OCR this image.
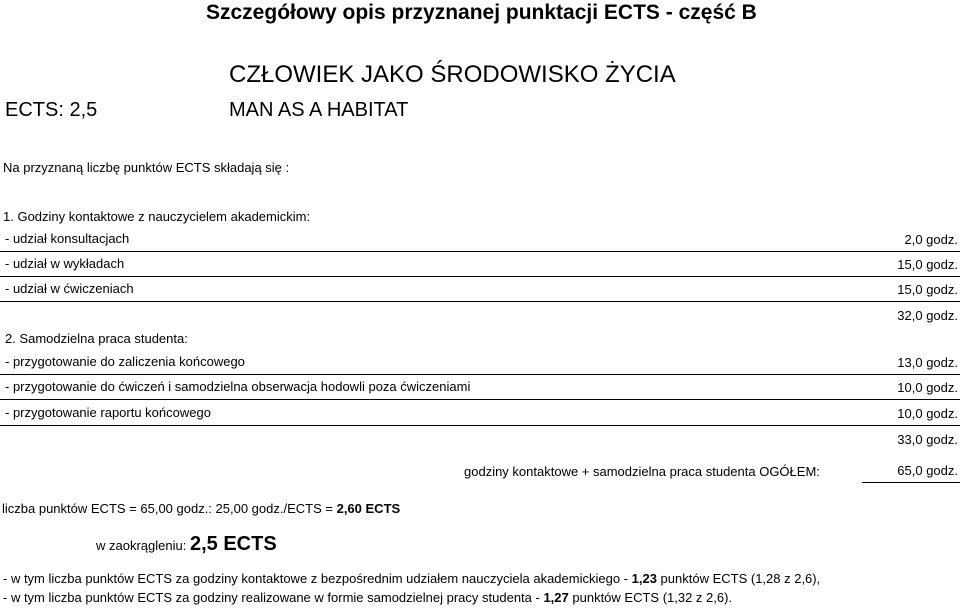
Szczegółowy opis przyznanej punktacji ECTS - część B
CZŁOWIEK JAKO ŚRODOWISKO ŻYCIA
ECTS: 2,5	MAN AS A HABITAT
Na przyznaną liczbę punktów ECTS składają się :
1. Godziny kontaktowe z nauczycielem akademickim:
- udział konsultacjach	2,0 godz.
- udział w wykładach	15,0 godz.
- udział w ćwiczeniach	15,0 godz.
32,0 godz.
2. Samodzielna praca studenta:
- przygotowanie do zaliczenia końcowego	13,0 godz.
- przygotowanie do ćwiczeń i samodzielna obserwacja hodowli poza ćwiczeniami	10,0 godz.
- przygotowanie raportu końcowego	10,0 godz.
33,0 godz.
godziny kontaktowe + samodzielna praca studenta OGÓŁEM:	65,0 godz.
liczba punktów ECTS = 65,00 godz.: 25,00 godz./ECTS = 2,60 ECTS
w zaokrągleniu: 2,5 ECTS
- w tym liczba punktów ECTS za godziny kontaktowe z bezpośrednim udziałem nauczyciela akademickiego - 1,23 punktów ECTS (1,28 z 2,6),
- w tym liczba punktów ECTS za godziny realizowane w formie samodzielnej pracy studenta - 1,27 punktów ECTS (1,32 z 2,6).
